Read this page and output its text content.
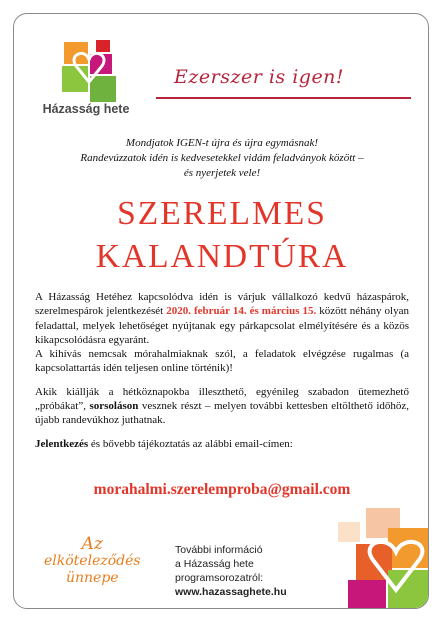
Házasság hete
Ezerszer is igen!
Mondjatok IGEN-t újra és újra egymásnak!
Randevúzzatok idén is kedvesetekkel vidám feladványok között –
és nyerjetek vele!
SZERELMES
KALANDTÚRA

A Házasság Hetéhez kapcsolódva idén is várjuk vállalkozó kedvű házaspárok, szerelmespárok jelentkezését 2020. február 14. és március 15. között néhány olyan feladattal, melyek lehetőséget nyújtanak egy párkapcsolat elmélyítésére és a közös kikapcsolódásra egyaránt.
A kihívás nemcsak mórahalmiaknak szól, a feladatok elvégzése rugalmas (a kapcsolattartás idén teljesen online történik)!

Akik kiállják a hétköznapokba illeszthető, egyénileg szabadon ütemezhető „próbákat”, sorsoláson vesznek részt – melyen további kettesben eltölthető időhöz, újabb randevúkhoz juthatnak.

Jelentkezés és bővebb tájékoztatás az alábbi email-címen:

morahalmi.szerelemproba@gmail.com
Az
elköteleződés
ünnepe
További információ
a Házasság hete
programsorozatról:
www.hazassaghete.hu
